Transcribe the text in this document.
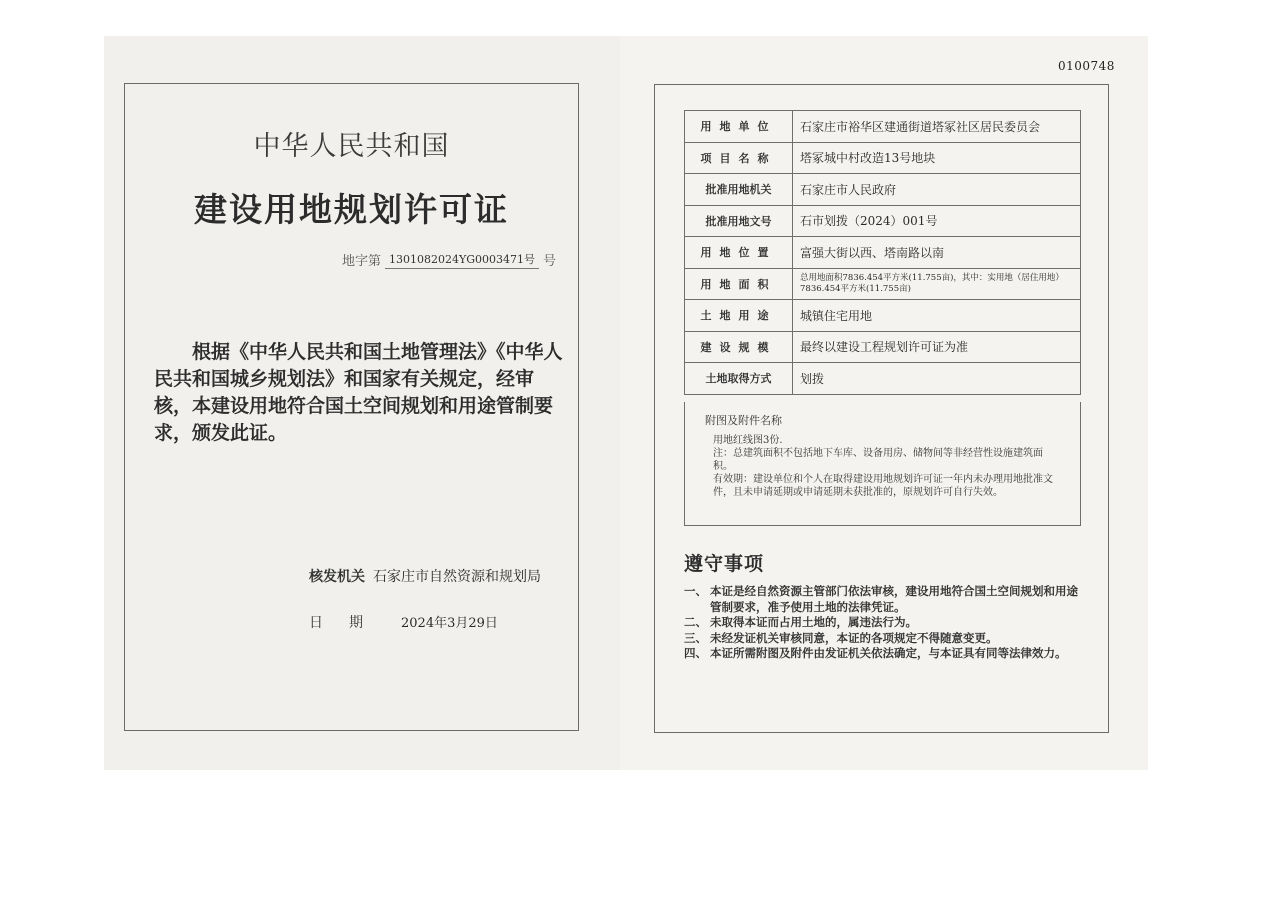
0100748
中华人民共和国
建设用地规划许可证
地字第 1301082024YG0003471号 号

根据《中华人民共和国土地管理法》《中华人民共和国城乡规划法》和国家有关规定，经审核，本建设用地符合国土空间规划和用途管制要求，颁发此证。

核发机关 石家庄市自然资源和规划局
日期 2024年3月29日
用地单位	石家庄市裕华区建通街道塔冢社区居民委员会
项目名称	塔冢城中村改造13号地块
批准用地机关	石家庄市人民政府
批准用地文号	石市划拨（2024）001号
用地位置	富强大街以西、塔南路以南
用地面积	总用地面积7836.454平方米(11.755亩)，其中：实用地（居住用地）7836.454平方米(11.755亩)
土地用途	城镇住宅用地
建设规模	最终以建设工程规划许可证为准
土地取得方式	划拨
附图及附件名称
用地红线图3份.
注：总建筑面积不包括地下车库、设备用房、储物间等非经营性设施建筑面积。
有效期：建设单位和个人在取得建设用地规划许可证一年内未办理用地批准文件，且未申请延期或申请延期未获批准的，原规划许可自行失效。
遵守事项
一、 本证是经自然资源主管部门依法审核，建设用地符合国土空间规划和用途管制要求，准予使用土地的法律凭证。
二、 未取得本证而占用土地的，属违法行为。
三、 未经发证机关审核同意，本证的各项规定不得随意变更。
四、 本证所需附图及附件由发证机关依法确定，与本证具有同等法律效力。
